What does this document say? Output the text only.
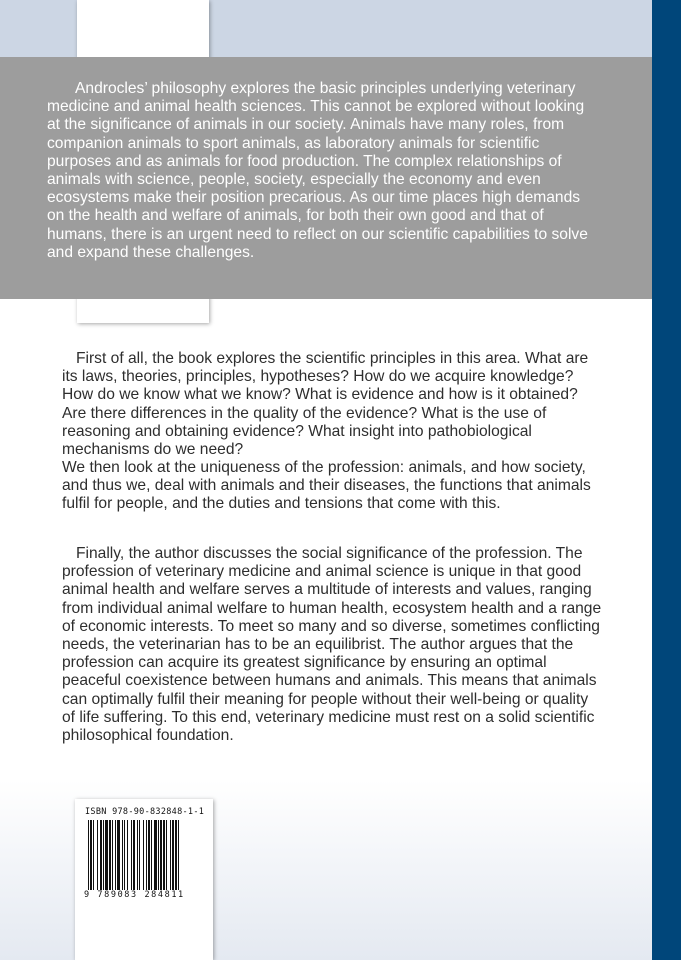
Androcles’ philosophy explores the basic principles underlying veterinary medicine and animal health sciences. This cannot be explored without looking at the significance of animals in our society. Animals have many roles, from companion animals to sport animals, as laboratory animals for scientific purposes and as animals for food production. The complex relationships of animals with science, people, society, especially the economy and even ecosystems make their position precarious. As our time places high demands on the health and welfare of animals, for both their own good and that of humans, there is an urgent need to reflect on our scientific capabilities to solve and expand these challenges.

First of all, the book explores the scientific principles in this area. What are its laws, theories, principles, hypotheses? How do we acquire knowledge? How do we know what we know? What is evidence and how is it obtained? Are there differences in the quality of the evidence? What is the use of reasoning and obtaining evidence? What insight into pathobiological mechanisms do we need?

We then look at the uniqueness of the profession: animals, and how society, and thus we, deal with animals and their diseases, the functions that animals fulfil for people, and the duties and tensions that come with this.

Finally, the author discusses the social significance of the profession. The profession of veterinary medicine and animal science is unique in that good animal health and welfare serves a multitude of interests and values, ranging from individual animal welfare to human health, ecosystem health and a range of economic interests. To meet so many and so diverse, sometimes conflicting needs, the veterinarian has to be an equilibrist. The author argues that the profession can acquire its greatest significance by ensuring an optimal peaceful coexistence between humans and animals. This means that animals can optimally fulfil their meaning for people without their well-being or quality of life suffering. To this end, veterinary medicine must rest on a solid scientific philosophical foundation.

ISBN 978-90-832848-1-1

9 789083 284811
